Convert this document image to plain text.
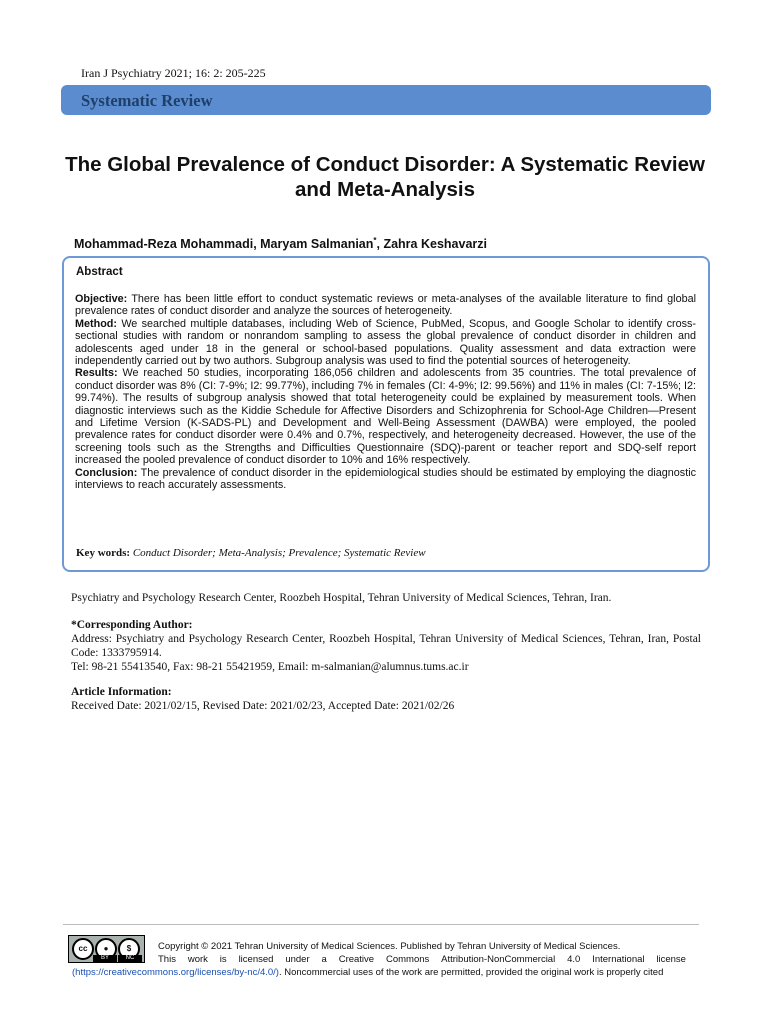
Iran J Psychiatry 2021; 16: 2: 205-225
Systematic Review
The Global Prevalence of Conduct Disorder: A Systematic Review and Meta-Analysis
Mohammad-Reza Mohammadi, Maryam Salmanian*, Zahra Keshavarzi
Abstract

Objective: There has been little effort to conduct systematic reviews or meta-analyses of the available literature to find global prevalence rates of conduct disorder and analyze the sources of heterogeneity.

Method: We searched multiple databases, including Web of Science, PubMed, Scopus, and Google Scholar to identify cross-sectional studies with random or nonrandom sampling to assess the global prevalence of conduct disorder in children and adolescents aged under 18 in the general or school-based populations. Quality assessment and data extraction were independently carried out by two authors. Subgroup analysis was used to find the potential sources of heterogeneity.

Results: We reached 50 studies, incorporating 186,056 children and adolescents from 35 countries. The total prevalence of conduct disorder was 8% (CI: 7-9%; I2: 99.77%), including 7% in females (CI: 4-9%; I2: 99.56%) and 11% in males (CI: 7-15%; I2: 99.74%). The results of subgroup analysis showed that total heterogeneity could be explained by measurement tools. When diagnostic interviews such as the Kiddie Schedule for Affective Disorders and Schizophrenia for School-Age Children—Present and Lifetime Version (K-SADS-PL) and Development and Well-Being Assessment (DAWBA) were employed, the pooled prevalence rates for conduct disorder were 0.4% and 0.7%, respectively, and heterogeneity decreased. However, the use of the screening tools such as the Strengths and Difficulties Questionnaire (SDQ)-parent or teacher report and SDQ-self report increased the pooled prevalence of conduct disorder to 10% and 16% respectively.

Conclusion: The prevalence of conduct disorder in the epidemiological studies should be estimated by employing the diagnostic interviews to reach accurately assessments.

Key words: Conduct Disorder; Meta-Analysis; Prevalence; Systematic Review
Psychiatry and Psychology Research Center, Roozbeh Hospital, Tehran University of Medical Sciences, Tehran, Iran.
*Corresponding Author:
Address: Psychiatry and Psychology Research Center, Roozbeh Hospital, Tehran University of Medical Sciences, Tehran, Iran, Postal Code: 1333795914.
Tel: 98-21 55413540, Fax: 98-21 55421959, Email: m-salmanian@alumnus.tums.ac.ir
Article Information:
Received Date: 2021/02/15, Revised Date: 2021/02/23, Accepted Date: 2021/02/26
cc	●	$
BY	NC
Copyright © 2021 Tehran University of Medical Sciences. Published by Tehran University of Medical Sciences.
This work is licensed under a Creative Commons Attribution-NonCommercial 4.0 International license
(https://creativecommons.org/licenses/by-nc/4.0/). Noncommercial uses of the work are permitted, provided the original work is properly cited
